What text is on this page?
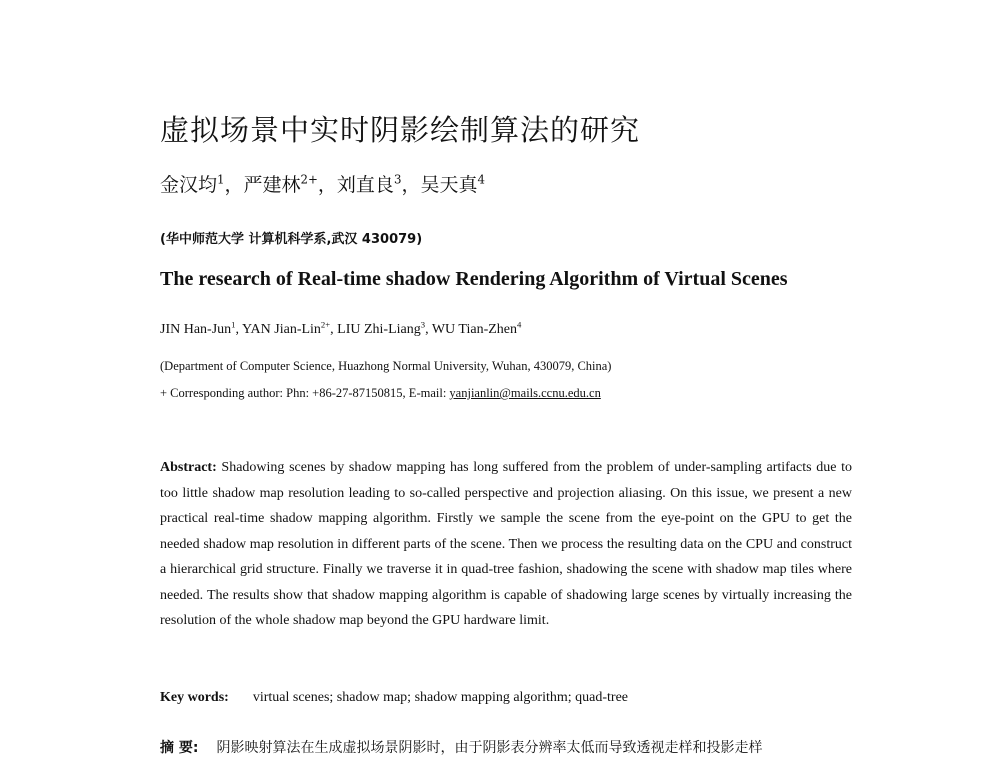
虚拟场景中实时阴影绘制算法的研究
金汉均$^1$，严建林$^{2+}$，刘直良$^3$，吴天真$^4$
(华中师范大学 计算机科学系,武汉 430079)
The research of Real-time shadow Rendering Algorithm of Virtual Scenes
JIN Han-Jun$^1$, YAN Jian-Lin$^{2+}$, LIU Zhi-Liang$^3$, WU Tian-Zhen$^4$
(Department of Computer Science, Huazhong Normal University, Wuhan, 430079, China)
+ Corresponding author: Phn: +86-27-87150815, E-mail: yanjianlin@mails.ccnu.edu.cn
Abstract: Shadowing scenes by shadow mapping has long suffered from the problem of under-sampling artifacts due to too little shadow map resolution leading to so-called perspective and projection aliasing. On this issue, we present a new practical real-time shadow mapping algorithm. Firstly we sample the scene from the eye-point on the GPU to get the needed shadow map resolution in different parts of the scene. Then we process the resulting data on the CPU and construct a hierarchical grid structure. Finally we traverse it in quad-tree fashion, shadowing the scene with shadow map tiles where needed. The results show that shadow mapping algorithm is capable of shadowing large scenes by virtually increasing the resolution of the whole shadow map beyond the GPU hardware limit.
Key words: virtual scenes; shadow map; shadow mapping algorithm; quad-tree
摘 要: 阴影映射算法在生成虚拟场景阴影时，由于阴影表分辨率太低而导致透视走样和投影走样
